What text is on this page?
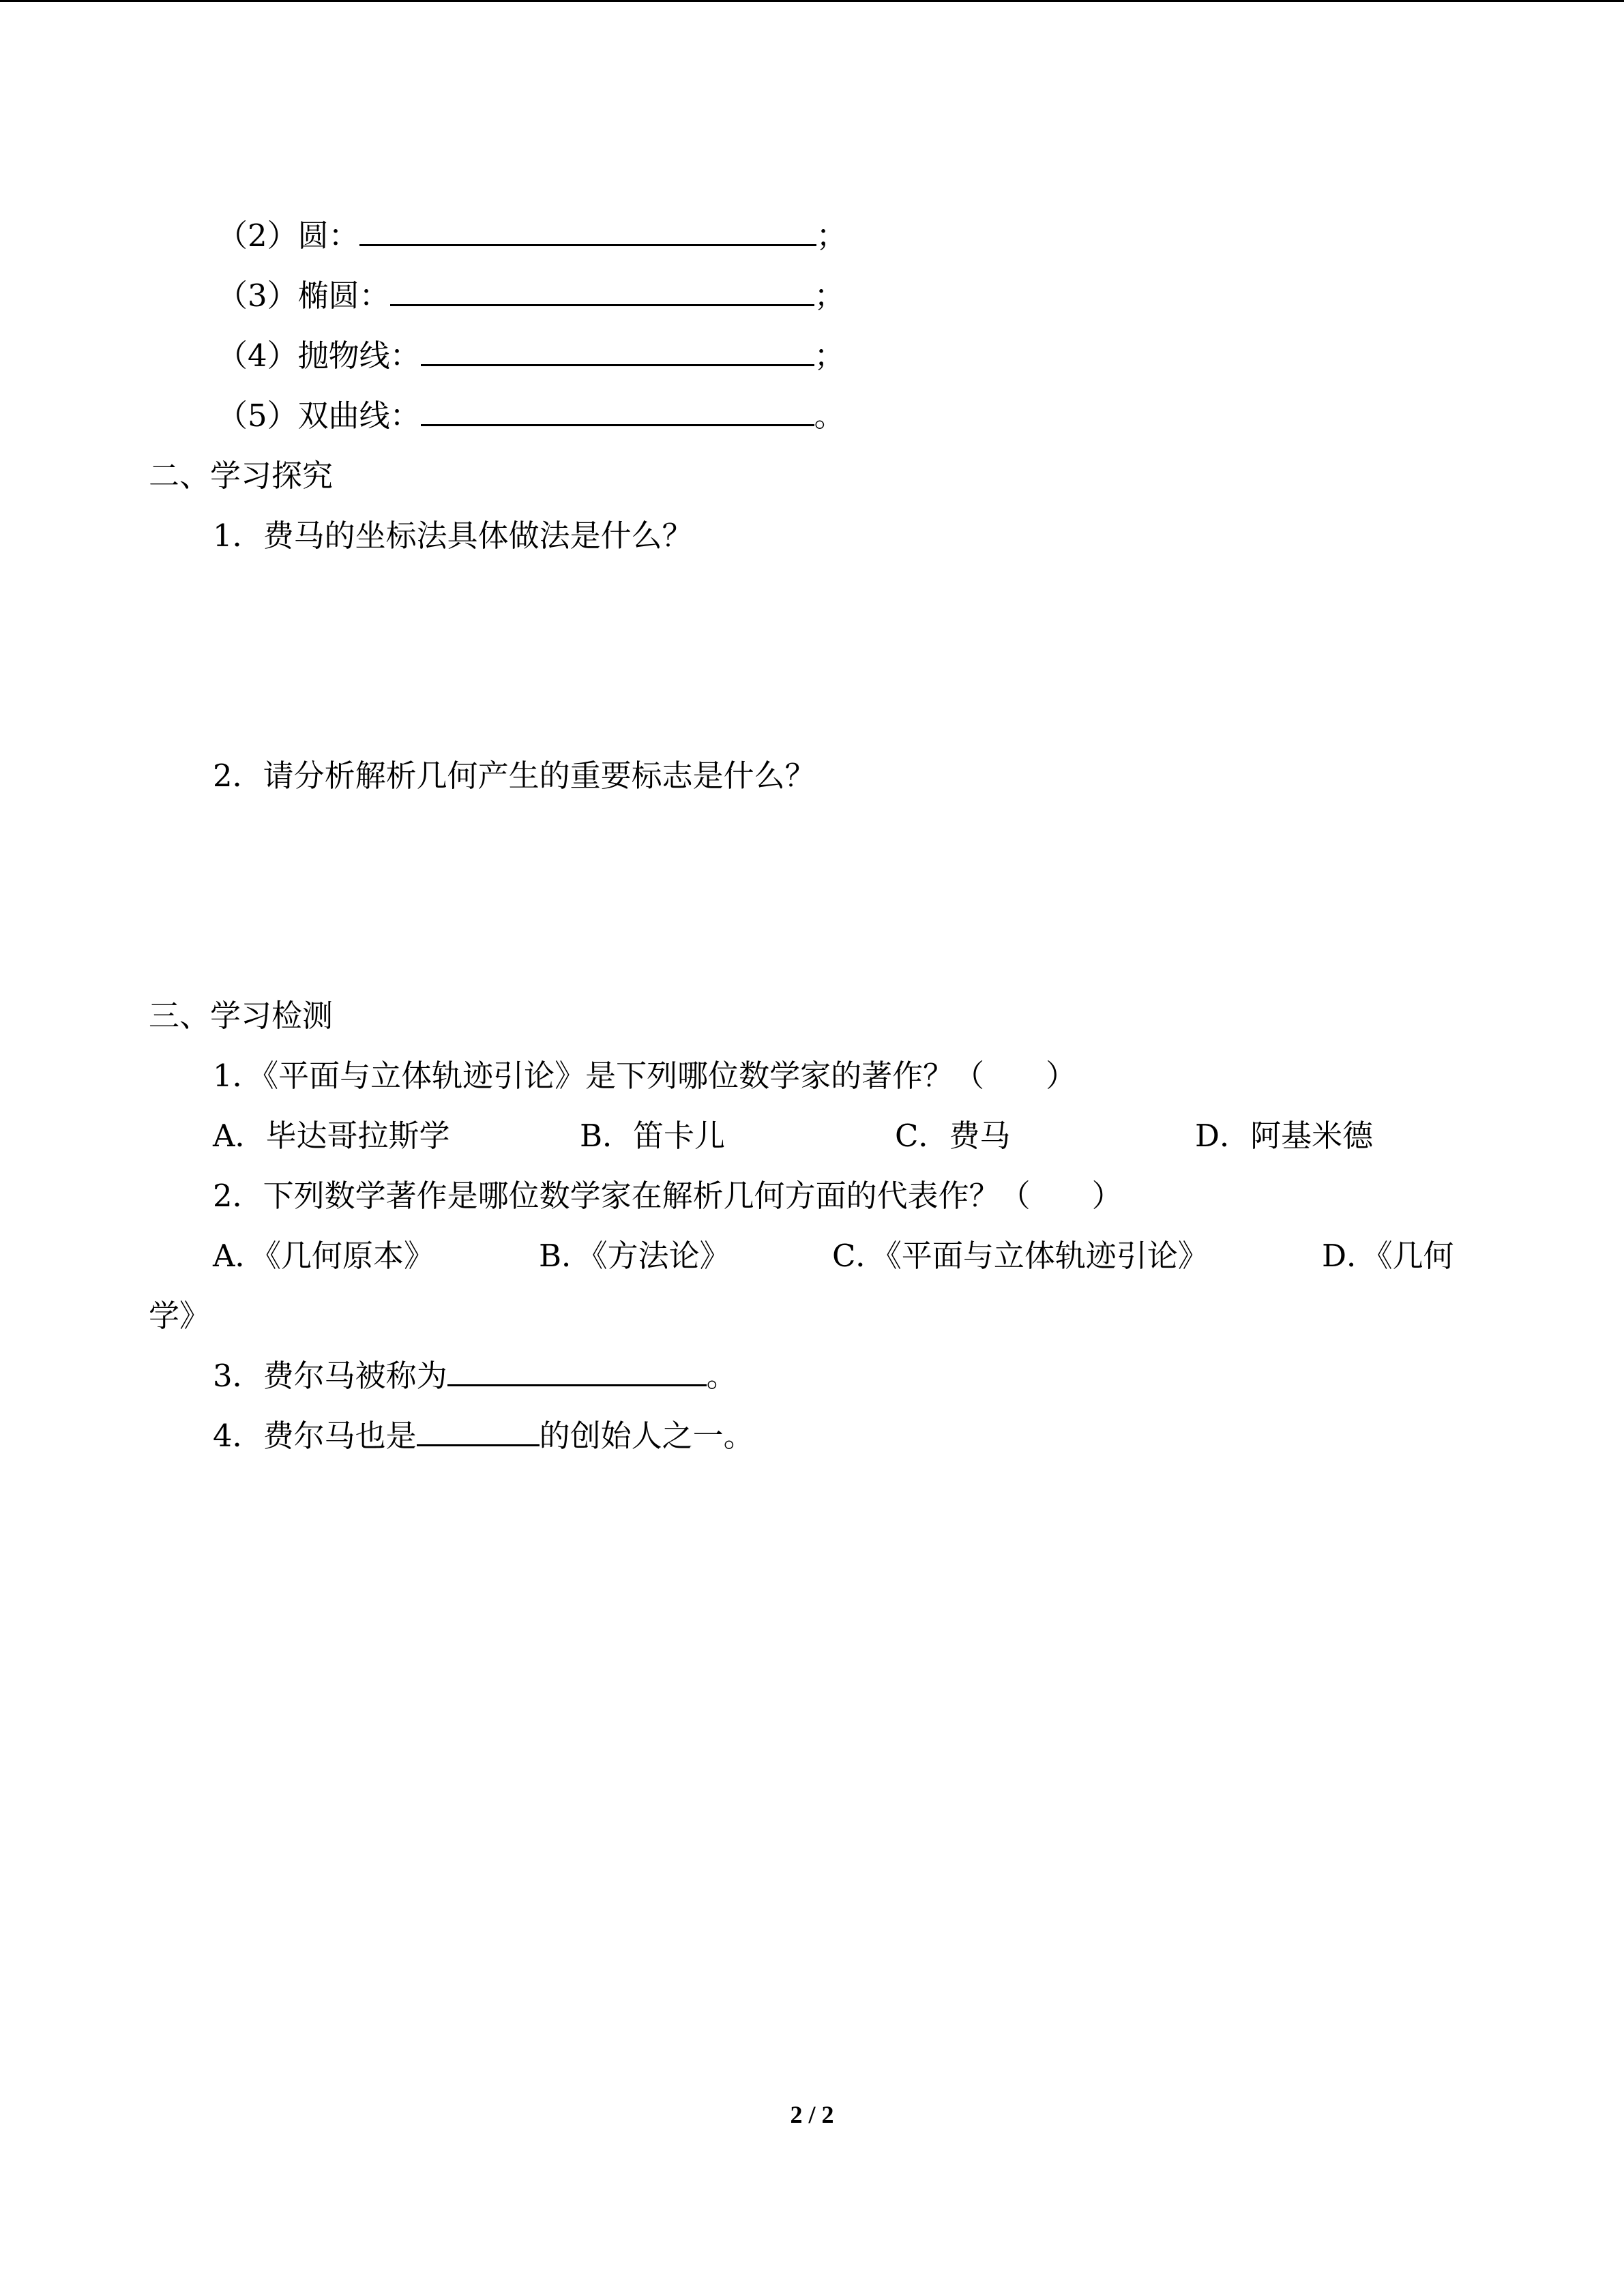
（2）圆：	；
（3）椭圆：	；
（4）抛物线：	；
（5）双曲线：	。
二、学习探究
1．费马的坐标法具体做法是什么？
2．请分析解析几何产生的重要标志是什么？
三、学习检测
1．《平面与立体轨迹引论》是下列哪位数学家的著作？（　　）
A．毕达哥拉斯学	B．笛卡儿	C．费马	D．阿基米德
2．下列数学著作是哪位数学家在解析几何方面的代表作？（　　）
A．《几何原本》	B．《方法论》	C．《平面与立体轨迹引论》	D．《几何
学》
3．费尔马被称为	。
4．费尔马也是	的创始人之一。
2 / 2
